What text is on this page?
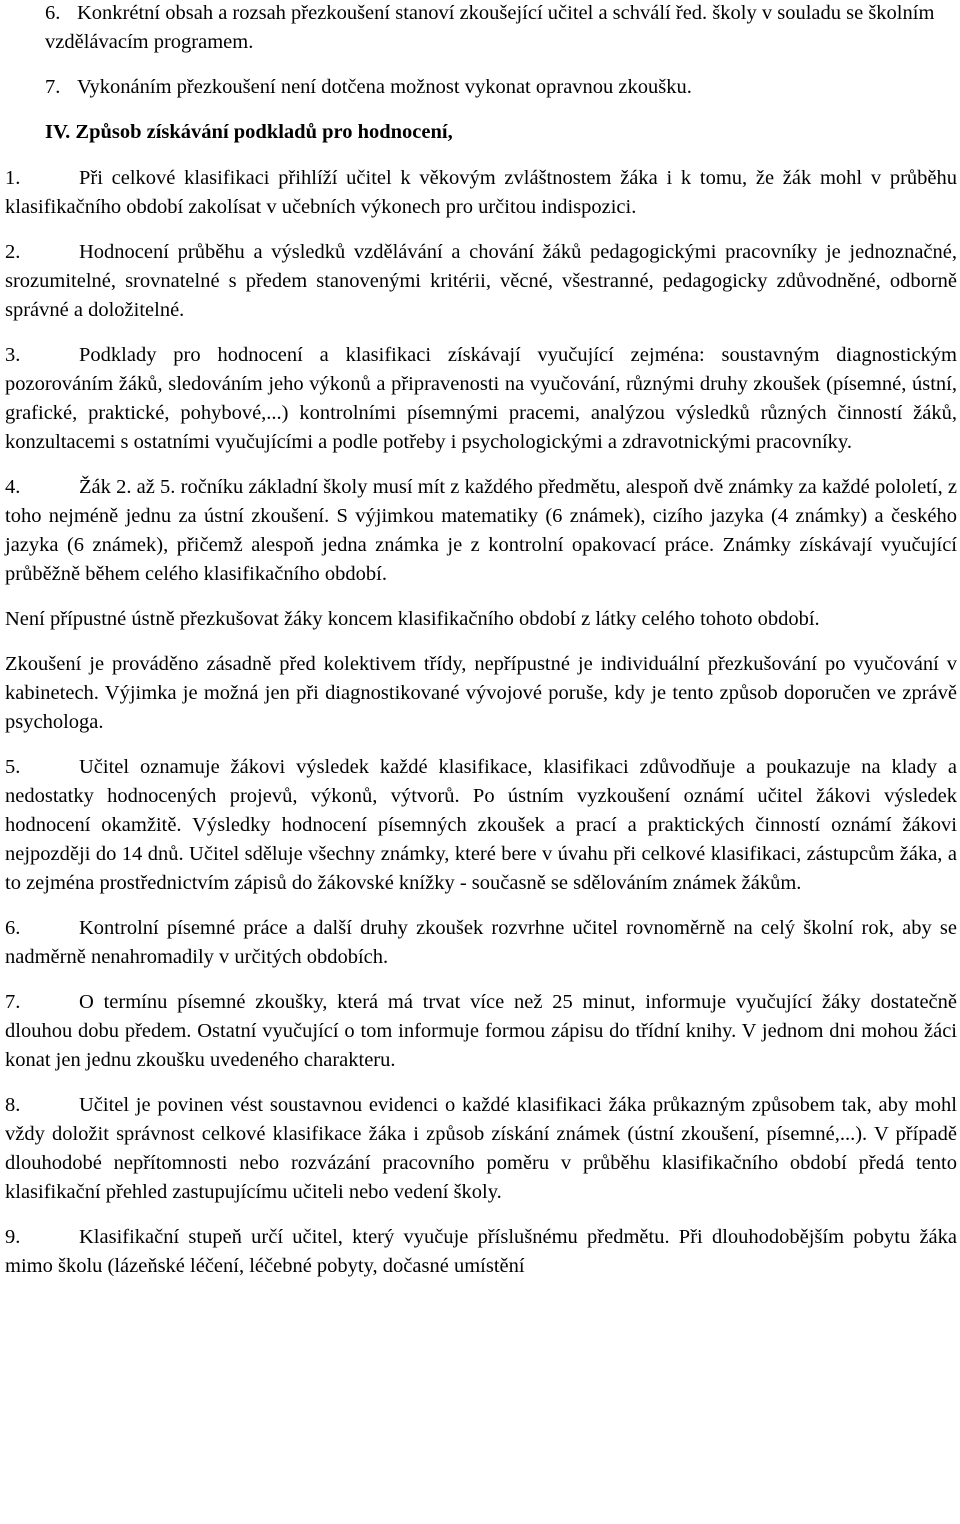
6. Konkrétní obsah a rozsah přezkoušení stanoví zkoušející učitel a schválí řed. školy v souladu se školním vzdělávacím programem.

7. Vykonáním přezkoušení není dotčena možnost vykonat opravnou zkoušku.

IV. Způsob získávání podkladů pro hodnocení,

1.	Při celkové klasifikaci přihlíží učitel k věkovým zvláštnostem žáka i k tomu, že žák mohl v průběhu klasifikačního období zakolísat v učebních výkonech pro určitou indispozici.

2.	Hodnocení průběhu a výsledků vzdělávání a chování žáků pedagogickými pracovníky je jednoznačné, srozumitelné, srovnatelné s předem stanovenými kritérii, věcné, všestranné, pedagogicky zdůvodněné, odborně správné a doložitelné.

3.	Podklady pro hodnocení a klasifikaci získávají vyučující zejména: soustavným diagnostickým pozorováním žáků, sledováním jeho výkonů a připravenosti na vyučování, různými druhy zkoušek (písemné, ústní, grafické, praktické, pohybové,...) kontrolními písemnými pracemi, analýzou výsledků různých činností žáků, konzultacemi s ostatními vyučujícími a podle potřeby i psychologickými a zdravotnickými pracovníky.

4.	Žák 2. až 5. ročníku základní školy musí mít z každého předmětu, alespoň dvě známky za každé pololetí, z toho nejméně jednu za ústní zkoušení. S výjimkou matematiky (6 známek), cizího jazyka (4 známky) a českého jazyka (6 známek), přičemž alespoň jedna známka je z kontrolní opakovací práce. Známky získávají vyučující průběžně během celého klasifikačního období.

Není přípustné ústně přezkušovat žáky koncem klasifikačního období z látky celého tohoto období.

Zkoušení je prováděno zásadně před kolektivem třídy, nepřípustné je individuální přezkušování po vyučování v kabinetech. Výjimka je možná jen při diagnostikované vývojové poruše, kdy je tento způsob doporučen ve zprávě psychologa.

5.	Učitel oznamuje žákovi výsledek každé klasifikace, klasifikaci zdůvodňuje a poukazuje na klady a nedostatky hodnocených projevů, výkonů, výtvorů. Po ústním vyzkoušení oznámí učitel žákovi výsledek hodnocení okamžitě. Výsledky hodnocení písemných zkoušek a prací a praktických činností oznámí žákovi nejpozději do 14 dnů. Učitel sděluje všechny známky, které bere v úvahu při celkové klasifikaci, zástupcům žáka, a to zejména prostřednictvím zápisů do žákovské knížky - současně se sdělováním známek žákům.

6.	Kontrolní písemné práce a další druhy zkoušek rozvrhne učitel rovnoměrně na celý školní rok, aby se nadměrně nenahromadily v určitých obdobích.

7.	O termínu písemné zkoušky, která má trvat více než 25 minut, informuje vyučující žáky dostatečně dlouhou dobu předem. Ostatní vyučující o tom informuje formou zápisu do třídní knihy. V jednom dni mohou žáci konat jen jednu zkoušku uvedeného charakteru.

8.	Učitel je povinen vést soustavnou evidenci o každé klasifikaci žáka průkazným způsobem tak, aby mohl vždy doložit správnost celkové klasifikace žáka i způsob získání známek (ústní zkoušení, písemné,...). V případě dlouhodobé nepřítomnosti nebo rozvázání pracovního poměru v průběhu klasifikačního období předá tento klasifikační přehled zastupujícímu učiteli nebo vedení školy.

9.	Klasifikační stupeň určí učitel, který vyučuje příslušnému předmětu. Při dlouhodobějším pobytu žáka mimo školu (lázeňské léčení, léčebné pobyty, dočasné umístění
